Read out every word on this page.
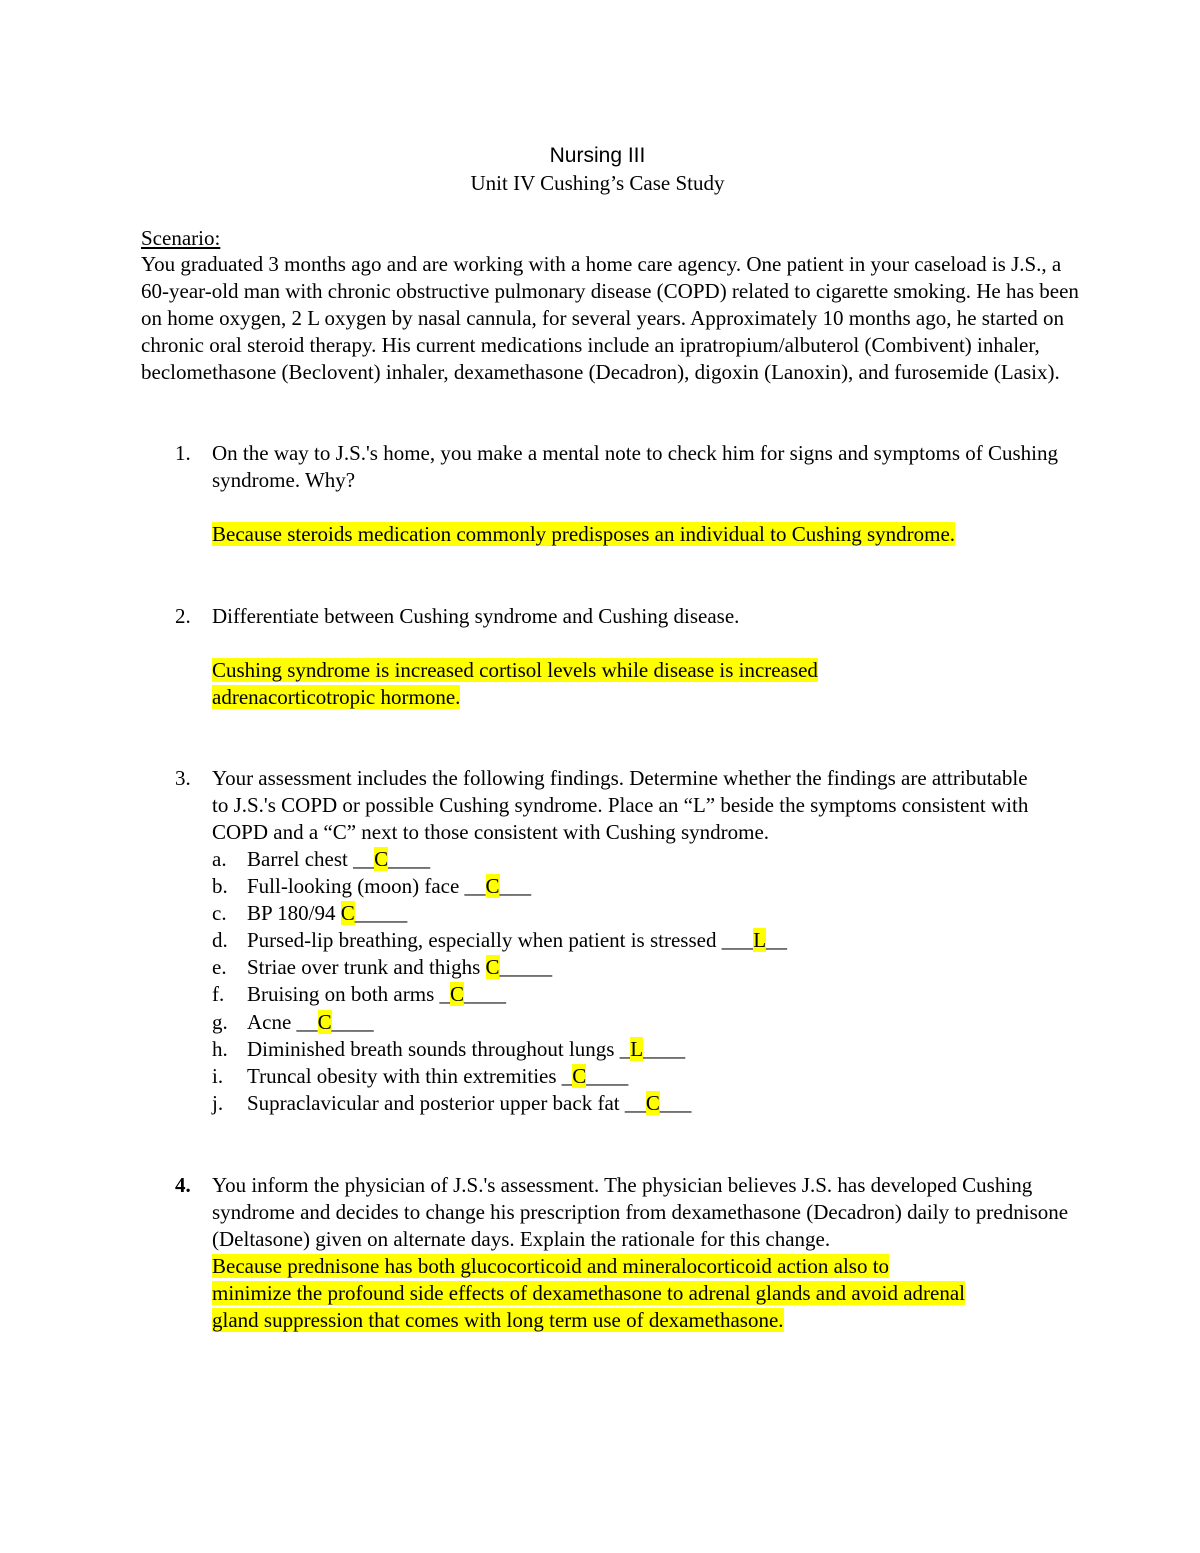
Nursing III
Unit IV Cushing’s Case Study
Scenario:
You graduated 3 months ago and are working with a home care agency. One patient in your caseload is J.S., a 60-year-old man with chronic obstructive pulmonary disease (COPD) related to cigarette smoking. He has been on home oxygen, 2 L oxygen by nasal cannula, for several years. Approximately 10 months ago, he started on chronic oral steroid therapy. His current medications include an ipratropium/albuterol (Combivent) inhaler, beclomethasone (Beclovent) inhaler, dexamethasone (Decadron), digoxin (Lanoxin), and furosemide (Lasix).
1. On the way to J.S.'s home, you make a mental note to check him for signs and symptoms of Cushing syndrome. Why?
Because steroids medication commonly predisposes an individual to Cushing syndrome.
2. Differentiate between Cushing syndrome and Cushing disease.
Cushing syndrome is increased cortisol levels while disease is increased
adrenacorticotropic hormone.
3. Your assessment includes the following findings. Determine whether the findings are attributable to J.S.'s COPD or possible Cushing syndrome. Place an “L” beside the symptoms consistent with COPD and a “C” next to those consistent with Cushing syndrome.
a. Barrel chest __C____
b. Full-looking (moon) face __C___
c. BP 180/94 C_____
d. Pursed-lip breathing, especially when patient is stressed ___L__
e. Striae over trunk and thighs C_____
f. Bruising on both arms _C____
g. Acne __C____
h. Diminished breath sounds throughout lungs _L____
i. Truncal obesity with thin extremities _C____
j. Supraclavicular and posterior upper back fat __C___
4. You inform the physician of J.S.'s assessment. The physician believes J.S. has developed Cushing syndrome and decides to change his prescription from dexamethasone (Decadron) daily to prednisone (Deltasone) given on alternate days. Explain the rationale for this change.
Because prednisone has both glucocorticoid and mineralocorticoid action also to
minimize the profound side effects of dexamethasone to adrenal glands and avoid adrenal
gland suppression that comes with long term use of dexamethasone.
